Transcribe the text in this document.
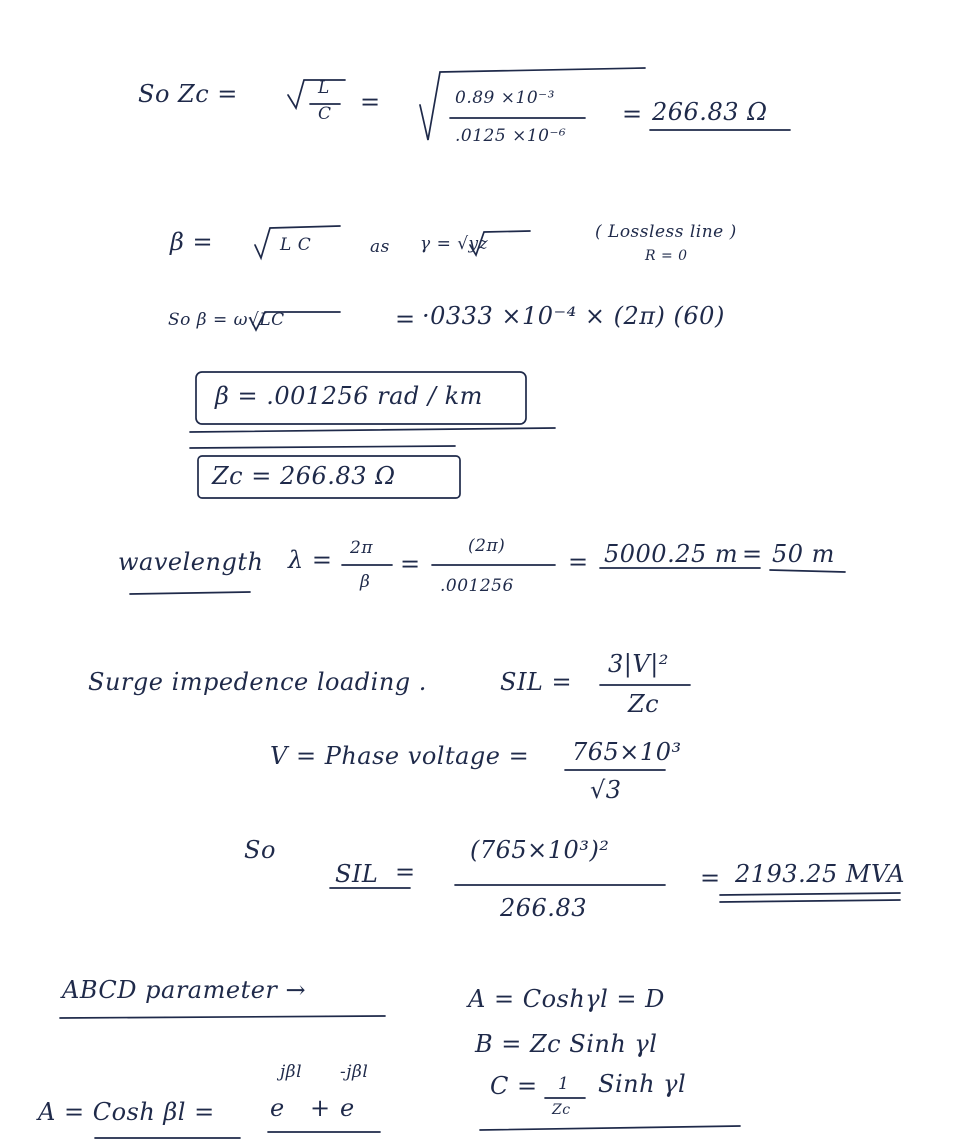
So Zc =	L
C =	0.89 ×10⁻³
.0125 ×10⁻⁶
= 266.83 Ω
β =	L C	as γ = √yz
( Lossless line )
R = 0
So β = ω√LC	= ·0333 ×10⁻⁴ × (2π) (60)
β = .001256 rad / km
Zc = 266.83 Ω
wavelength λ = 2π
β
=
(2π)
.001256
= 5000.25 m = 50 m
Surge impedence loading .	SIL =
3|V|²
Zc
V = Phase voltage = 765×10³
√3
So
SIL =
(765×10³)²
266.83
= 2193.25 MVA
ABCD parameter →	A = Coshγl = D
B = Zc Sinh γl
C = 1
Zc
Sinh γl
A = Cosh βl = e
jβl
+ e
-jβl
